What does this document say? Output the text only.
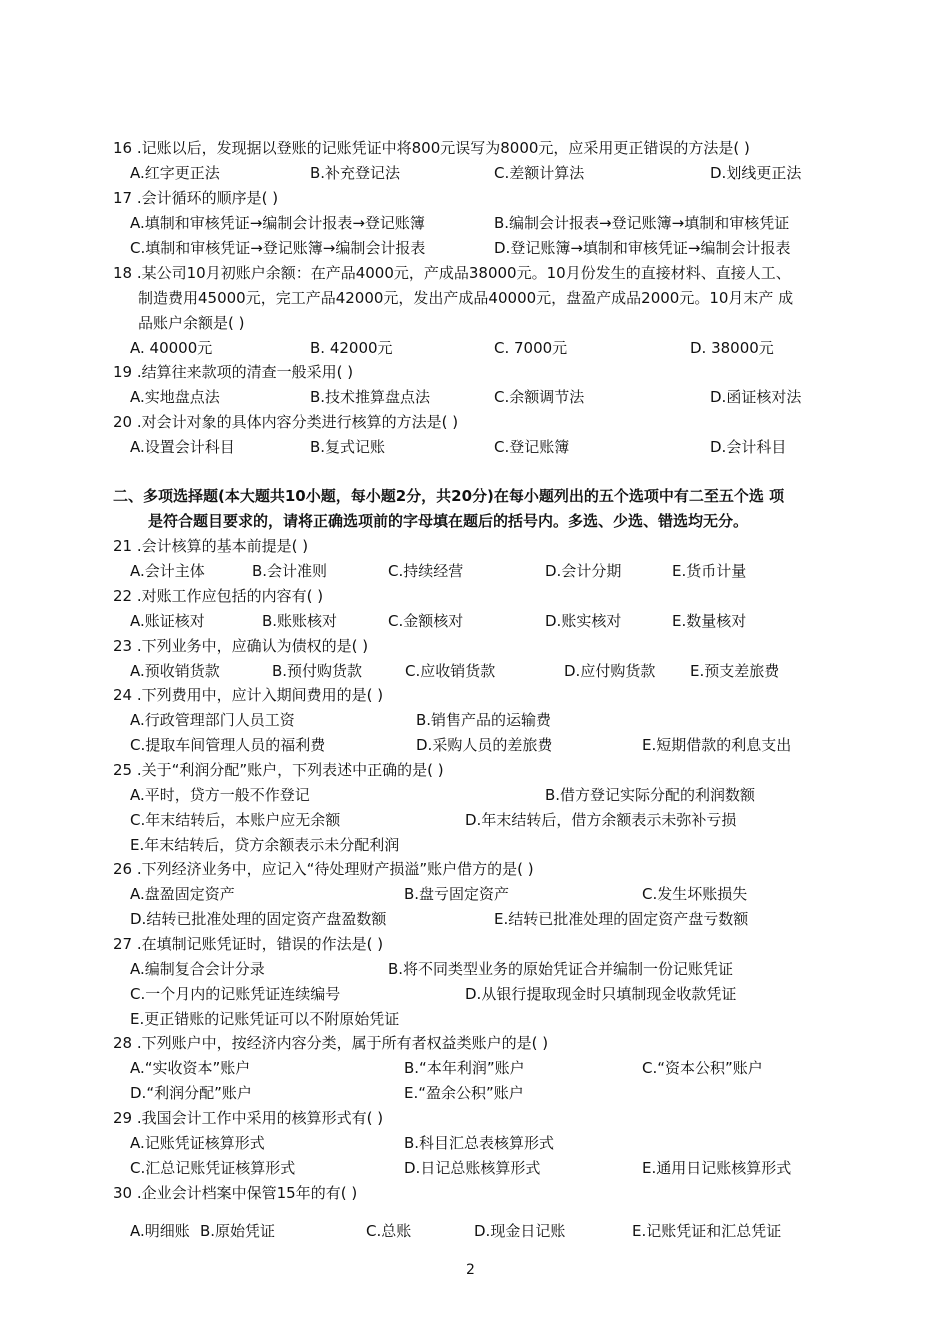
16 .记账以后，发现据以登账的记账凭证中将800元误写为8000元，应采用更正错误的方法是( )
A.红字更正法	B.补充登记法	C.差额计算法	D.划线更正法
17 .会计循环的顺序是( )
A.填制和审核凭证→编制会计报表→登记账簿	B.编制会计报表→登记账簿→填制和审核凭证
C.填制和审核凭证→登记账簿→编制会计报表	D.登记账簿→填制和审核凭证→编制会计报表
18 .某公司10月初账户余额：在产品4000元，产成品38000元。10月份发生的直接材料、直接人工、
制造费用45000元，完工产品42000元，发出产成品40000元，盘盈产成品2000元。10月末产 成
品账户余额是( )
A. 40000元	B. 42000元	C. 7000元	D. 38000元
19 .结算往来款项的清查一般采用( )
A.实地盘点法	B.技术推算盘点法	C.余额调节法	D.函证核对法
20 .对会计对象的具体内容分类进行核算的方法是( )
A.设置会计科目	B.复式记账	C.登记账簿	D.会计科目
二、多项选择题(本大题共10小题，每小题2分，共20分)在每小题列出的五个选项中有二至五个选 项
是符合题目要求的，请将正确选项前的字母填在题后的括号内。多选、少选、错选均无分。
21 .会计核算的基本前提是( )
A.会计主体	B.会计准则	C.持续经营	D.会计分期	E.货币计量
22 .对账工作应包括的内容有( )
A.账证核对	B.账账核对	C.金额核对	D.账实核对	E.数量核对
23 .下列业务中，应确认为债权的是( )
A.预收销货款	B.预付购货款	C.应收销货款	D.应付购货款 E.预支差旅费
24 .下列费用中，应计入期间费用的是( )
A.行政管理部门人员工资	B.销售产品的运输费
C.提取车间管理人员的福利费	D.采购人员的差旅费	E.短期借款的利息支出
25 .关于“利润分配”账户，下列表述中正确的是( )
A.平时，贷方一般不作登记	B.借方登记实际分配的利润数额
C.年末结转后，本账户应无余额	D.年末结转后，借方余额表示未弥补亏损
E.年末结转后，贷方余额表示未分配利润
26 .下列经济业务中，应记入“待处理财产损溢”账户借方的是( )
A.盘盈固定资产	B.盘亏固定资产	C.发生坏账损失
D.结转已批准处理的固定资产盘盈数额	E.结转已批准处理的固定资产盘亏数额
27 .在填制记账凭证时，错误的作法是( )
A.编制复合会计分录	B.将不同类型业务的原始凭证合并编制一份记账凭证
C.一个月内的记账凭证连续编号	D.从银行提取现金时只填制现金收款凭证
E.更正错账的记账凭证可以不附原始凭证
28 .下列账户中，按经济内容分类，属于所有者权益类账户的是( )
A.“实收资本”账户	B.“本年利润”账户	C.“资本公积”账户
D.“利润分配”账户	E.“盈余公积”账户
29 .我国会计工作中采用的核算形式有( )
A.记账凭证核算形式	B.科目汇总表核算形式
C.汇总记账凭证核算形式	D.日记总账核算形式	E.通用日记账核算形式
30 .企业会计档案中保管15年的有( )
A.明细账 B.原始凭证	C.总账	D.现金日记账	E.记账凭证和汇总凭证
2
